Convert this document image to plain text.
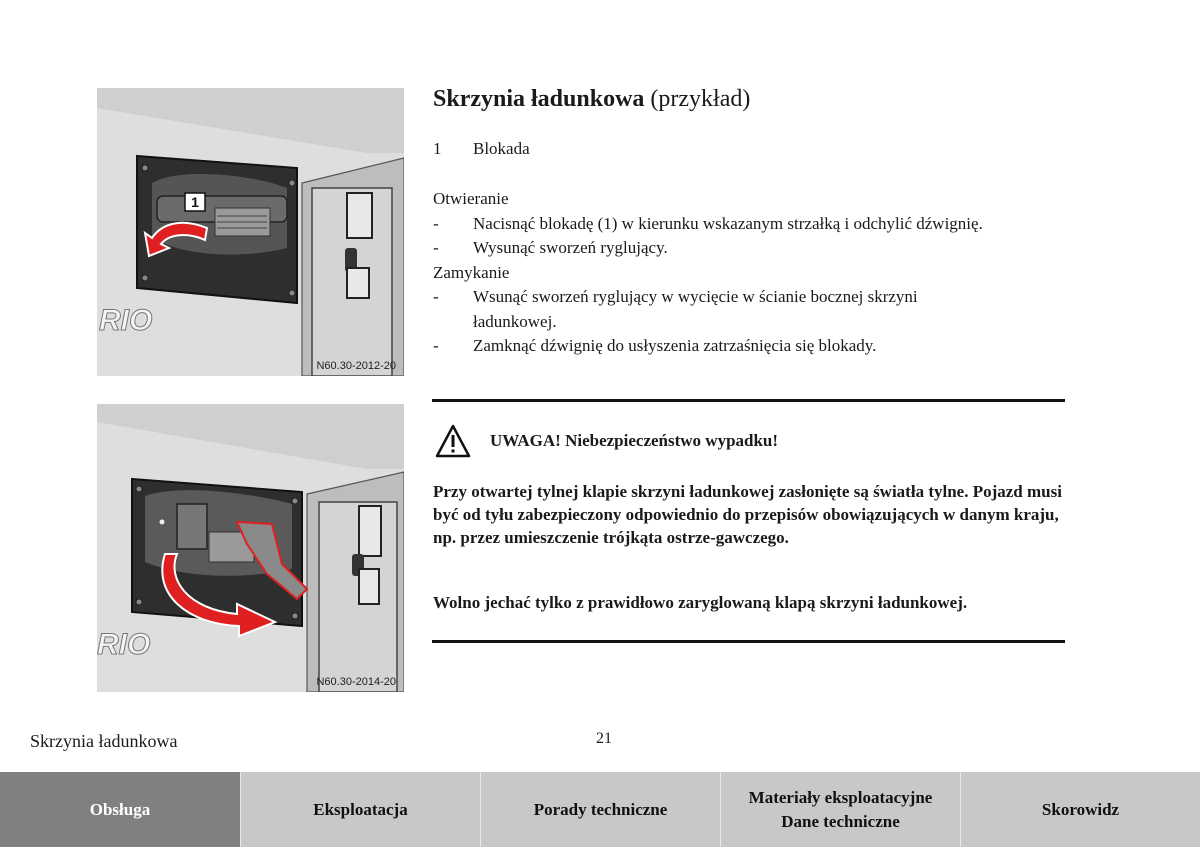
1
RIO
N60.30-2012-20
RIO
N60.30-2014-20
Skrzynia ładunkowa (przykład)
1 Blokada
Otwieranie
-	Nacisnąć blokadę (1) w kierunku wskazanym strzałką i odchylić dźwignię.
-	Wysunąć sworzeń ryglujący.
Zamykanie
-	Wsunąć sworzeń ryglujący w wycięcie w ścianie bocznej skrzyni ładunkowej.
-	Zamknąć dźwignię do usłyszenia zatrzaśnięcia się blokady.
UWAGA! Niebezpieczeństwo wypadku!
Przy otwartej tylnej klapie skrzyni ładunkowej zasłonięte są światła tylne. Pojazd musi być od tyłu zabezpieczony odpowiednio do przepisów obowiązujących w danym kraju, np. przez umieszczenie trójkąta ostrze-gawczego.
Wolno jechać tylko z prawidłowo zaryglowaną klapą skrzyni ładunkowej.
Skrzynia ładunkowa	21
Obsługa	Eksploatacja	Porady techniczne
Materiały eksploatacyjne
Dane techniczne
Skorowidz
